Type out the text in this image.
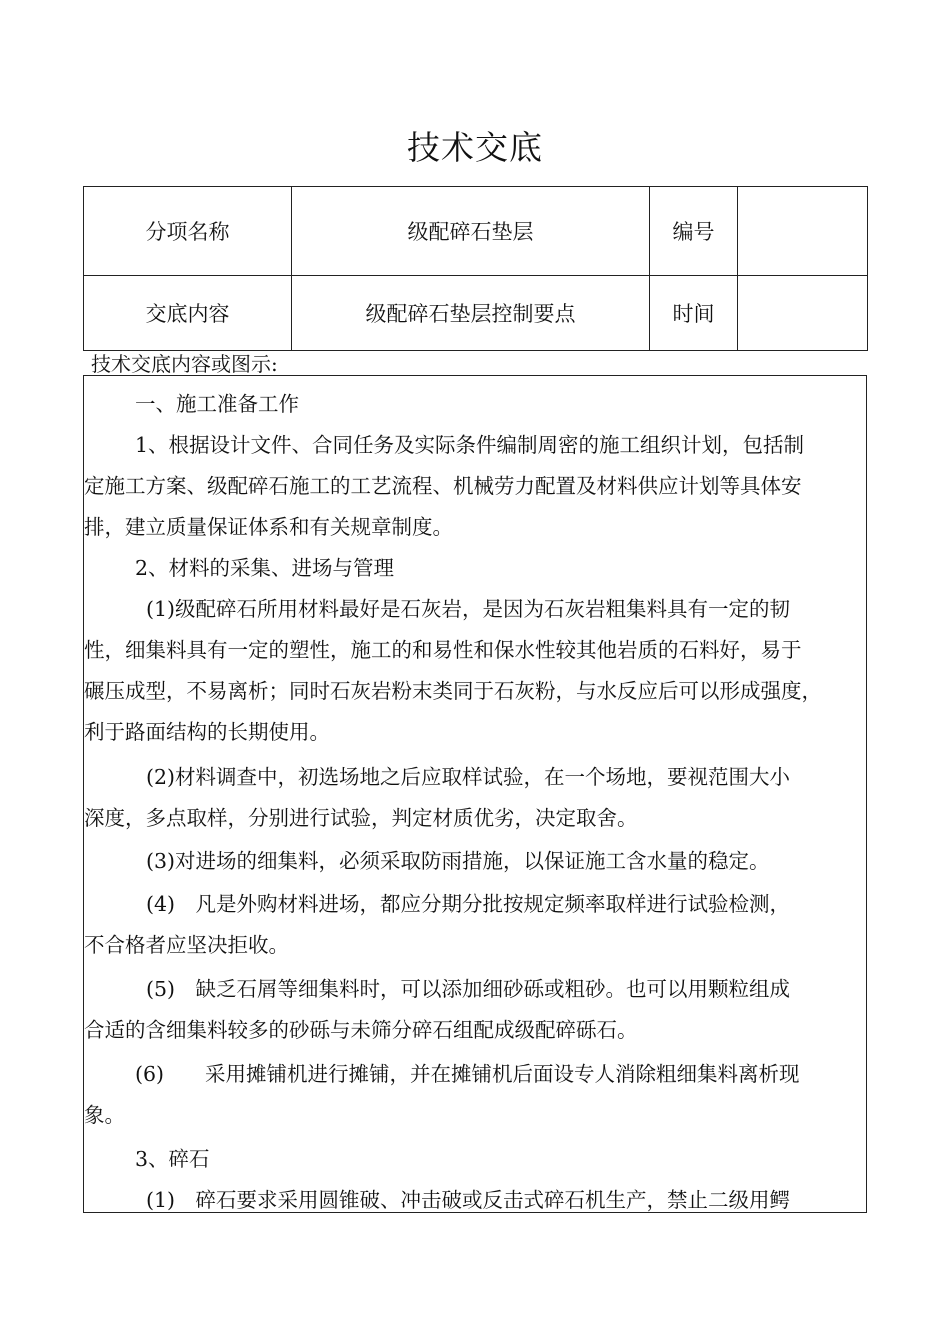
技术交底
分项名称	级配碎石垫层	编号	
交底内容	级配碎石垫层控制要点	时间	
技术交底内容或图示:
一、施工准备工作
1、根据设计文件、合同任务及实际条件编制周密的施工组织计划，包括制
定施工方案、级配碎石施工的工艺流程、机械劳力配置及材料供应计划等具体安
排，建立质量保证体系和有关规章制度。
2、材料的采集、进场与管理
(1)级配碎石所用材料最好是石灰岩，是因为石灰岩粗集料具有一定的韧
性，细集料具有一定的塑性，施工的和易性和保水性较其他岩质的石料好，易于
碾压成型，不易离析；同时石灰岩粉末类同于石灰粉，与水反应后可以形成强度，
利于路面结构的长期使用。
(2)材料调查中，初选场地之后应取样试验，在一个场地，要视范围大小
深度，多点取样，分别进行试验，判定材质优劣，决定取舍。
(3)对进场的细集料，必须采取防雨措施，以保证施工含水量的稳定。
(4)　凡是外购材料进场，都应分期分批按规定频率取样进行试验检测，
不合格者应坚决拒收。
(5)　缺乏石屑等细集料时，可以添加细砂砾或粗砂。也可以用颗粒组成
合适的含细集料较多的砂砾与未筛分碎石组配成级配碎砾石。
(6)　　采用摊铺机进行摊铺，并在摊铺机后面设专人消除粗细集料离析现
象。
3、碎石
(1)　碎石要求采用圆锥破、冲击破或反击式碎石机生产，禁止二级用鳄
